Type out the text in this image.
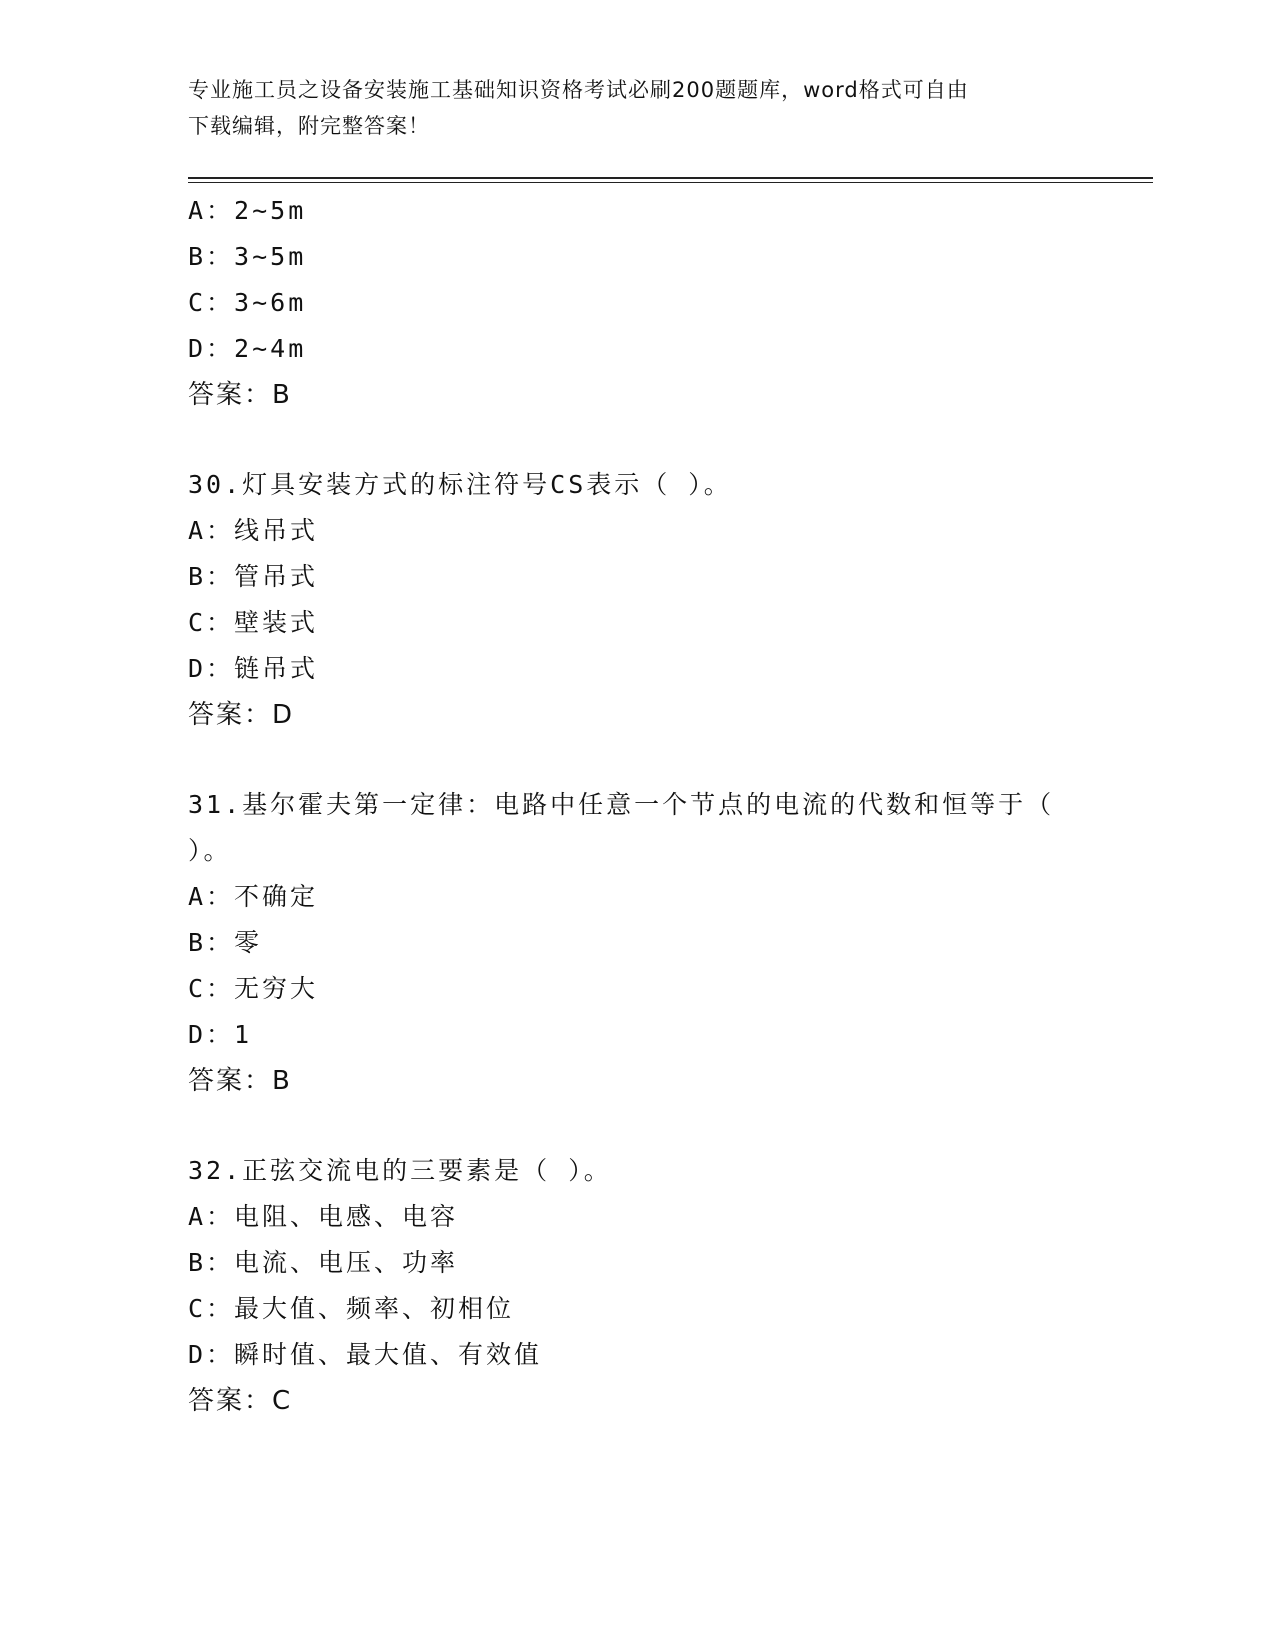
专业施工员之设备安装施工基础知识资格考试必刷200题题库，word格式可自由
下载编辑，附完整答案！
A：2~5m
B：3~5m
C：3~6m
D：2~4m
答案：B
30.灯具安装方式的标注符号CS表示（ ）。
A：线吊式
B：管吊式
C：壁装式
D：链吊式
答案：D
31.基尔霍夫第一定律：电路中任意一个节点的电流的代数和恒等于（
）。
A：不确定
B：零
C：无穷大
D：1
答案：B
32.正弦交流电的三要素是（ ）。
A：电阻、电感、电容
B：电流、电压、功率
C：最大值、频率、初相位
D：瞬时值、最大值、有效值
答案：C
